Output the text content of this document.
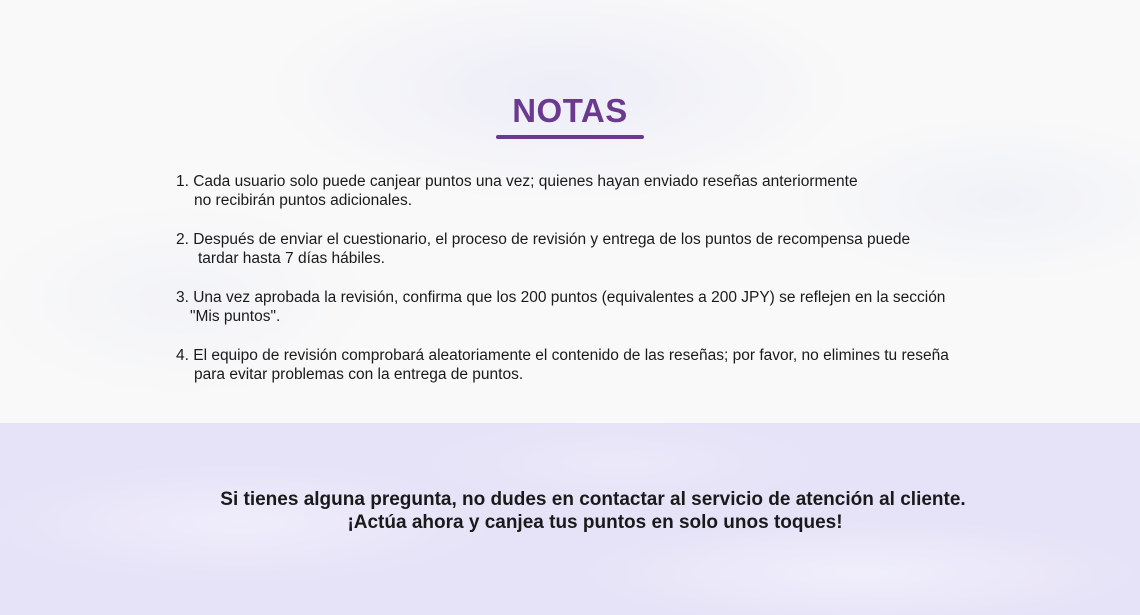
NOTAS
1. Cada usuario solo puede canjear puntos una vez; quienes hayan enviado reseñas anteriormente
no recibirán puntos adicionales.
2. Después de enviar el cuestionario, el proceso de revisión y entrega de los puntos de recompensa puede
tardar hasta 7 días hábiles.
3. Una vez aprobada la revisión, confirma que los 200 puntos (equivalentes a 200 JPY) se reflejen en la sección
"Mis puntos".
4. El equipo de revisión comprobará aleatoriamente el contenido de las reseñas; por favor, no elimines tu reseña
para evitar problemas con la entrega de puntos.

Si tienes alguna pregunta, no dudes en contactar al servicio de atención al cliente.
¡Actúa ahora y canjea tus puntos en solo unos toques!
